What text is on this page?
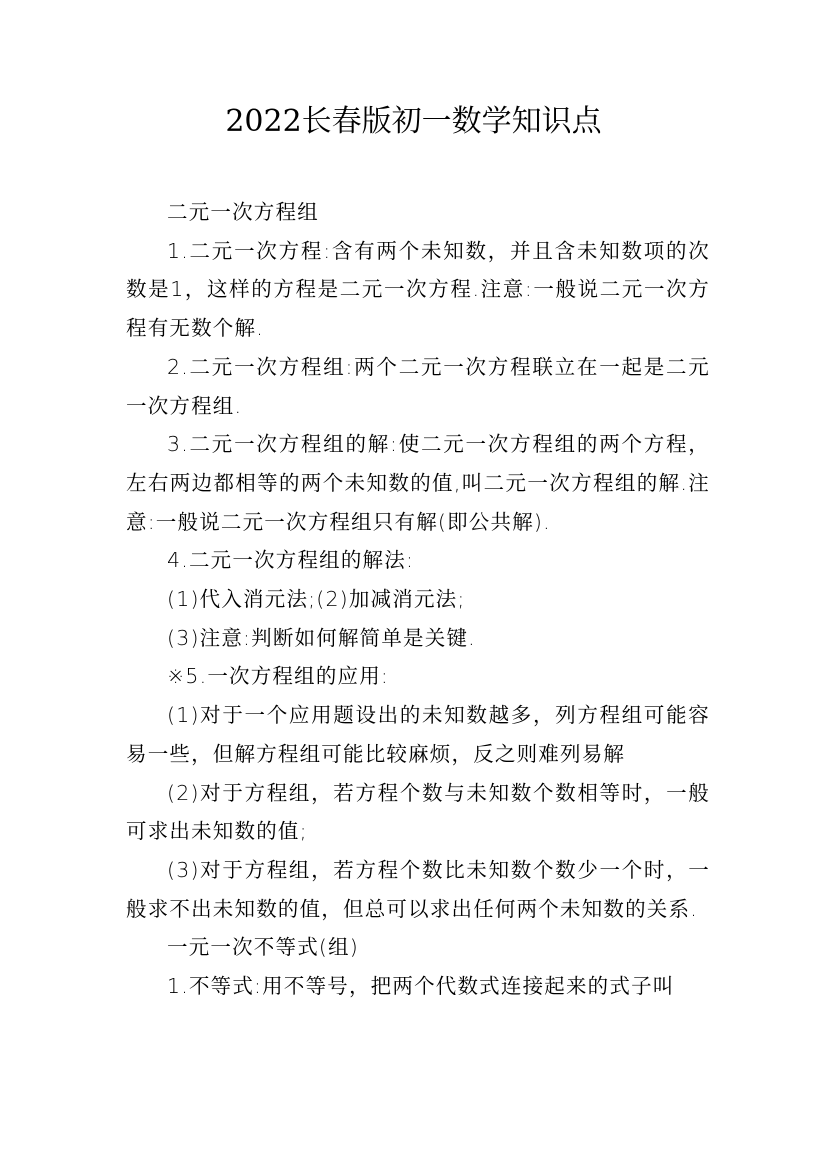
2022长春版初一数学知识点

二元一次方程组

1.二元一次方程:含有两个未知数，并且含未知数项的次数是1，这样的方程是二元一次方程.注意:一般说二元一次方程有无数个解.

2.二元一次方程组:两个二元一次方程联立在一起是二元一次方程组.

3.二元一次方程组的解:使二元一次方程组的两个方程，左右两边都相等的两个未知数的值,叫二元一次方程组的解.注意:一般说二元一次方程组只有解(即公共解).

4.二元一次方程组的解法:

(1)代入消元法;(2)加减消元法;

(3)注意:判断如何解简单是关键.

※5.一次方程组的应用:

(1)对于一个应用题设出的未知数越多，列方程组可能容易一些，但解方程组可能比较麻烦，反之则难列易解

(2)对于方程组，若方程个数与未知数个数相等时，一般可求出未知数的值;

(3)对于方程组，若方程个数比未知数个数少一个时，一般求不出未知数的值，但总可以求出任何两个未知数的关系.

一元一次不等式(组)

1.不等式:用不等号，把两个代数式连接起来的式子叫
